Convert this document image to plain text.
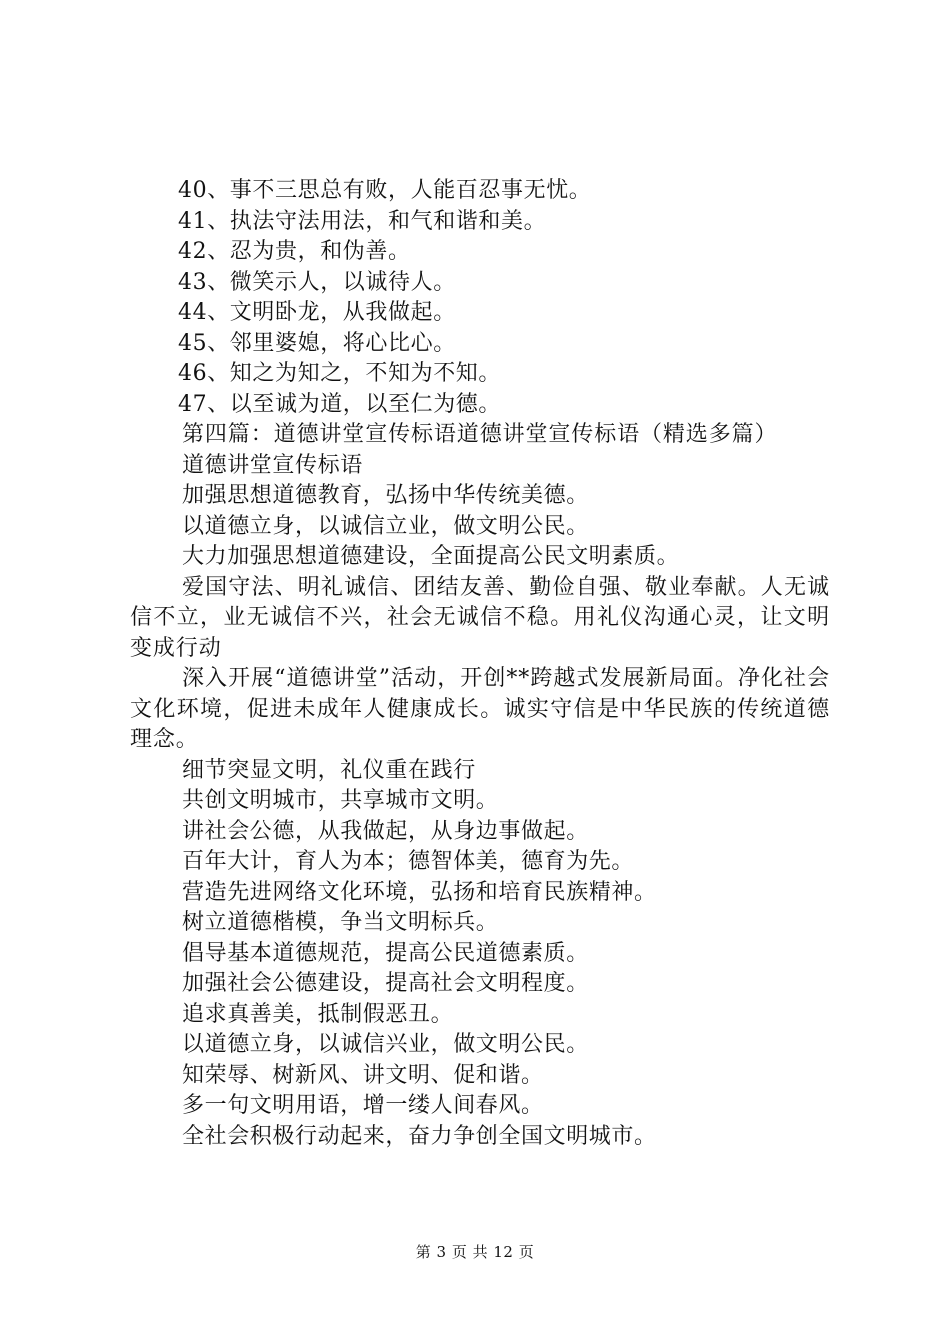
40、事不三思总有败，人能百忍事无忧。
41、执法守法用法，和气和谐和美。
42、忍为贵，和伪善。
43、微笑示人，以诚待人。
44、文明卧龙，从我做起。
45、邻里婆媳，将心比心。
46、知之为知之，不知为不知。
47、以至诚为道，以至仁为德。
第四篇：道德讲堂宣传标语道德讲堂宣传标语（精选多篇）
道德讲堂宣传标语
加强思想道德教育，弘扬中华传统美德。
以道德立身，以诚信立业，做文明公民。
大力加强思想道德建设，全面提高公民文明素质。
爱国守法、明礼诚信、团结友善、勤俭自强、敬业奉献。人无诚信不立，业无诚信不兴，社会无诚信不稳。用礼仪沟通心灵，让文明变成行动
深入开展“道德讲堂”活动，开创**跨越式发展新局面。净化社会文化环境，促进未成年人健康成长。诚实守信是中华民族的传统道德理念。
细节突显文明，礼仪重在践行
共创文明城市，共享城市文明。
讲社会公德，从我做起，从身边事做起。
百年大计，育人为本；德智体美，德育为先。
营造先进网络文化环境，弘扬和培育民族精神。
树立道德楷模，争当文明标兵。
倡导基本道德规范，提高公民道德素质。
加强社会公德建设，提高社会文明程度。
追求真善美，抵制假恶丑。
以道德立身，以诚信兴业，做文明公民。
知荣辱、树新风、讲文明、促和谐。
多一句文明用语，增一缕人间春风。
全社会积极行动起来，奋力争创全国文明城市。
第 3 页 共 12 页
